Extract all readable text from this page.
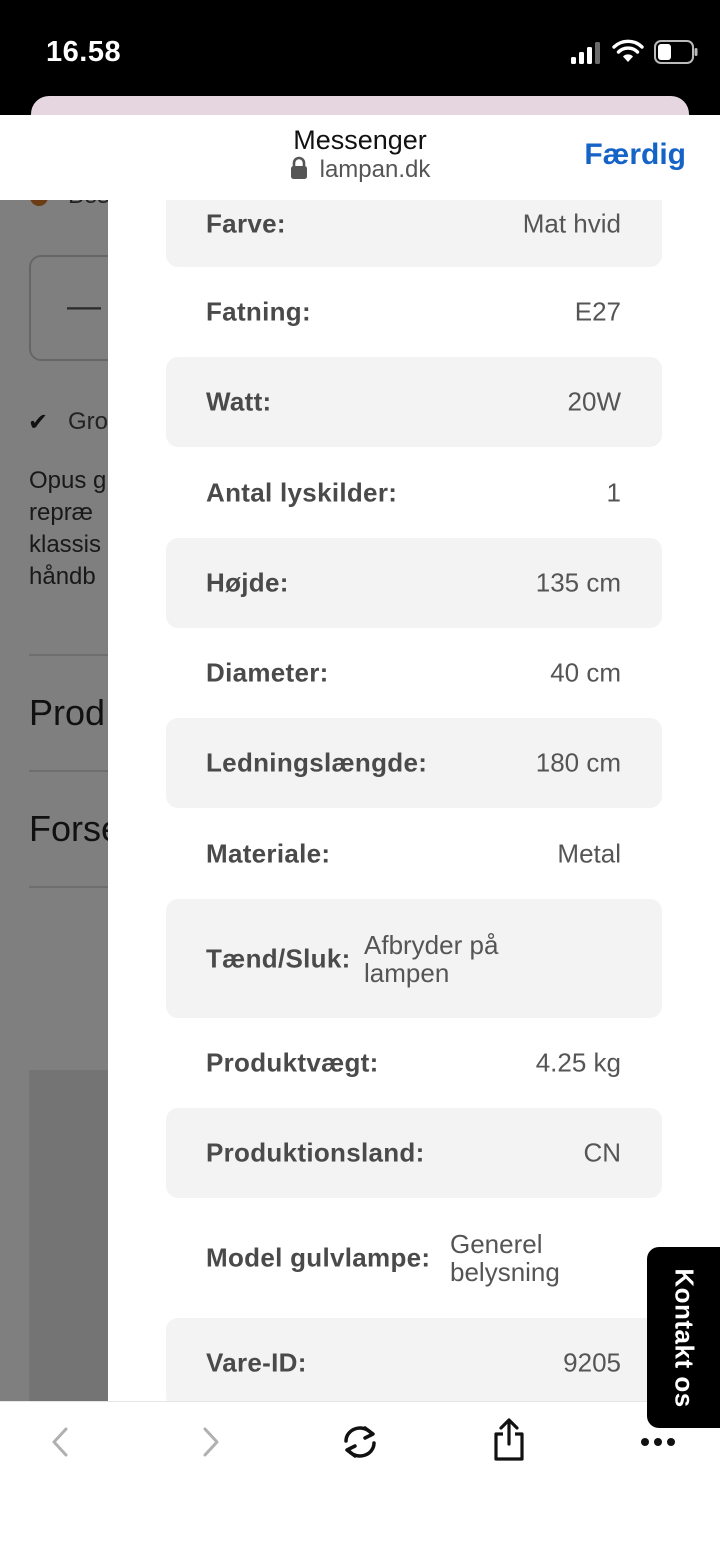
16.58
Messenger
lampan.dk	Færdig
Farve:	Mat hvid
Fatning:	E27
Watt:	20W
Antal lyskilder:	1
Højde:	135 cm
Diameter:	40 cm
Ledningslængde:	180 cm
Materiale:	Metal
Tænd/Sluk: Afbryder på lampen
Produktvægt:	4.25 kg
Produktionsland:	CN
Model gulvlampe: Generel belysning
Vare-ID:	9205 Kontakt os
